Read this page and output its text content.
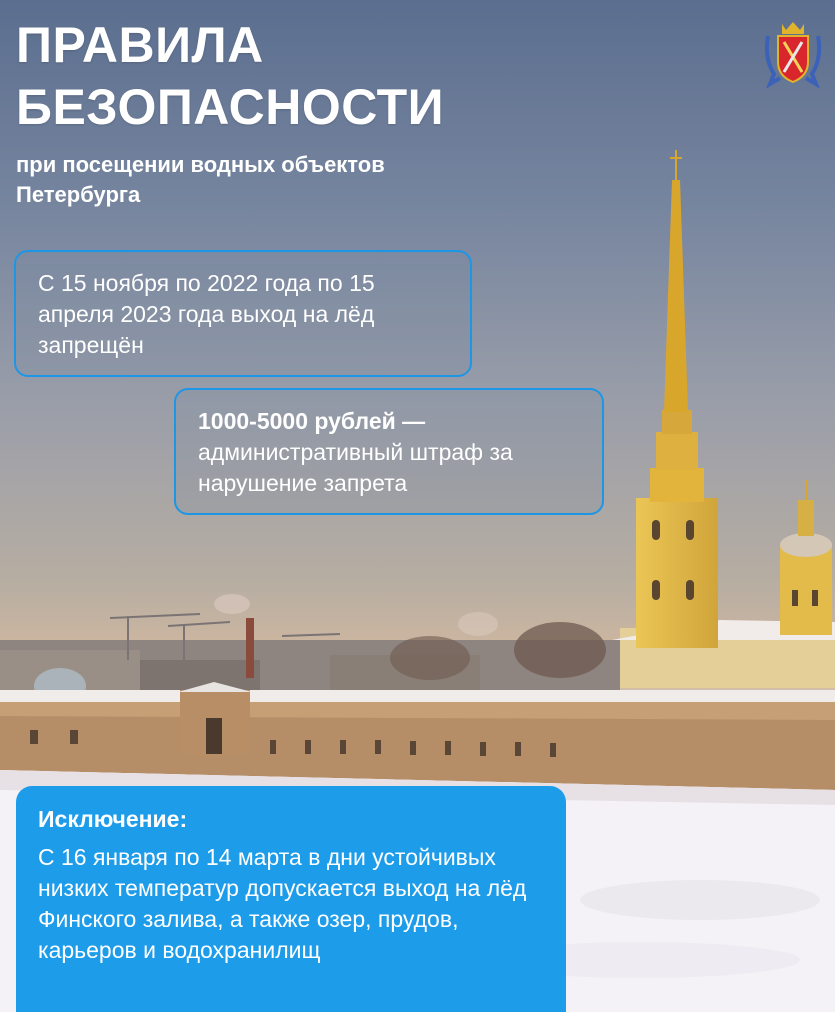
ПРАВИЛА
БЕЗОПАСНОСТИ
при посещении водных объектов Петербурга
С 15 ноября по 2022 года по 15 апреля 2023 года выход на лёд запрещён
1000-5000 рублей — административный штраф за нарушение запрета
Исключение:
С 16 января по 14 марта в дни устойчивых низких температур допускается выход на лёд Финского залива, а также озер, прудов, карьеров и водохранилищ
